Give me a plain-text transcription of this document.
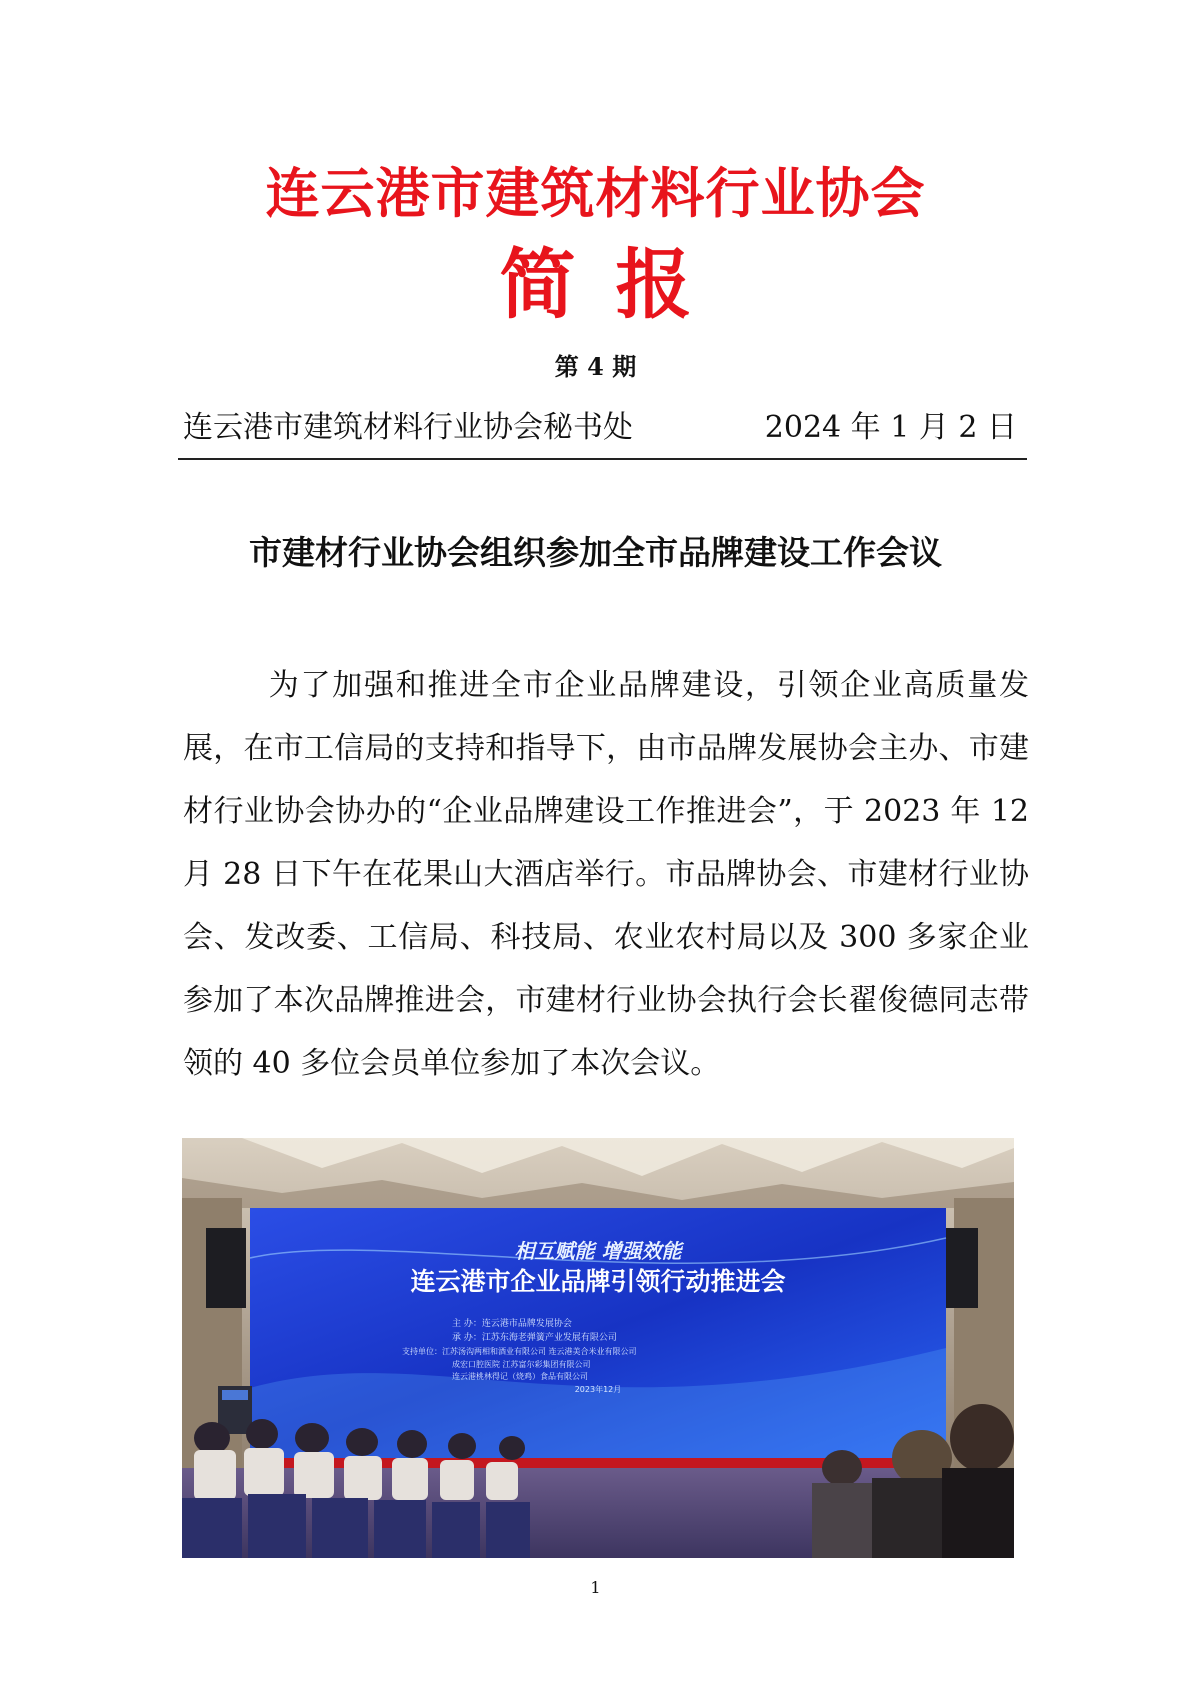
连云港市建筑材料行业协会
简报
第 4 期
连云港市建筑材料行业协会秘书处	2024 年 1 月 2 日
市建材行业协会组织参加全市品牌建设工作会议
为了加强和推进全市企业品牌建设，引领企业高质量发展，在市工信局的支持和指导下，由市品牌发展协会主办、市建材行业协会协办的“企业品牌建设工作推进会”，于 2023 年 12 月 28 日下午在花果山大酒店举行。市品牌协会、市建材行业协会、发改委、工信局、科技局、农业农村局以及 300 多家企业参加了本次品牌推进会，市建材行业协会执行会长翟俊德同志带领的 40 多位会员单位参加了本次会议。
相互赋能 增强效能
连云港市企业品牌引领行动推进会
主 办：连云港市品牌发展协会
承 办：江苏东海老弹簧产业发展有限公司
支持单位：江苏汤沟两相和酒业有限公司 连云港美合米业有限公司
成宏口腔医院 江苏富尔彩集团有限公司
连云港桃林得记（烧鸡）食品有限公司
2023年12月
1
